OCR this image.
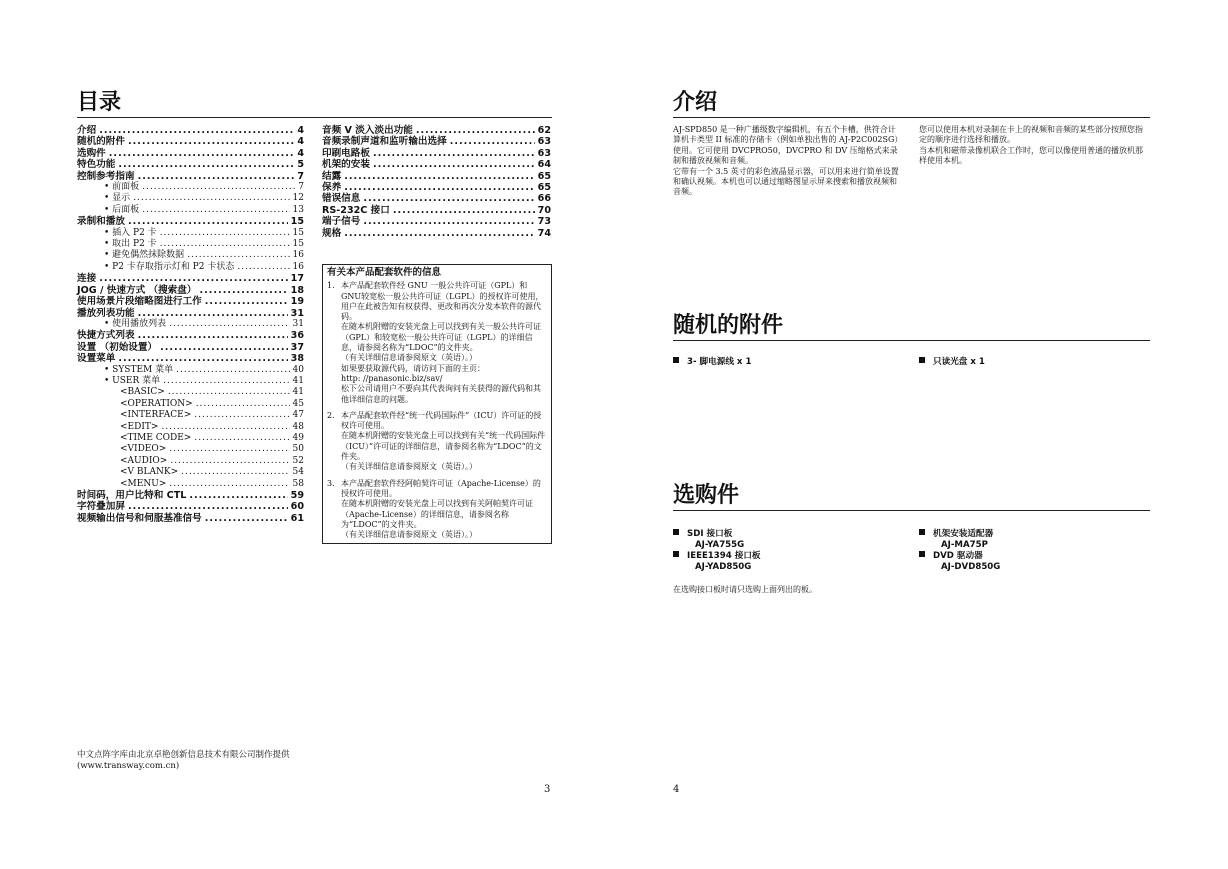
目录
介绍 .....	4
随机的附件 .....	4
选购件 .....	4
特色功能 .....	5
控制参考指南 .....	7
• 前面板 .....	7
• 显示 .....	12
• 后面板 .....	13
录制和播放 .....	15
• 插入 P2 卡 .....	15
• 取出 P2 卡 .....	15
• 避免偶然抹除数据 .....	16
• P2 卡存取指示灯和 P2 卡状态 .....	16
连接 .....	17
JOG / 快速方式 （搜索盘） .....	18
使用场景片段缩略图进行工作 .....	19
播放列表功能 .....	31
• 使用播放列表 .....	31
快捷方式列表 .....	36
设置 （初始设置） .....	37
设置菜单 .....	38
• SYSTEM 菜单 .....	40
• USER 菜单 .....	41
<BASIC> .....	41
<OPERATION> .....	45
<INTERFACE> .....	47
<EDIT> .....	48
<TIME CODE> .....	49
<VIDEO> .....	50
<AUDIO> .....	52
<V BLANK> .....	54
<MENU> .....	58
时间码，用户比特和 CTL .....	59
字符叠加屏 .....	60
视频输出信号和伺服基准信号 .....	61
音频 V 淡入淡出功能 .....	62
音频录制声道和监听输出选择 .....	63
印刷电路板 .....	63
机架的安装 .....	64
结露 .....	65
保养 .....	65
错误信息 .....	66
RS-232C 接口 .....	70
端子信号 .....	73
规格 .....	74
有关本产品配套软件的信息
1. 本产品配套软件经 GNU 一般公共许可证（GPL）和 GNU较宽松一般公共许可证（LGPL）的授权许可使用，用户在此被告知有权获得、更改和再次分发本软件的源代码。
在随本机附赠的安装光盘上可以找到有关一般公共许可证（GPL）和较宽松一般公共许可证（LGPL）的详细信息，请参阅名称为“LDOC”的文件夹。
（有关详细信息请参阅原文（英语）。）
如果要获取源代码，请访问下面的主页：
http: //panasonic.biz/sav/
松下公司请用户不要向其代表询问有关获得的源代码和其他详细信息的问题。
2. 本产品配套软件经“统一代码国际件”（ICU）许可证的授权许可使用。
在随本机附赠的安装光盘上可以找到有关“统一代码国际件（ICU）”许可证的详细信息，请参阅名称为“LDOC”的文件夹。
（有关详细信息请参阅原文（英语）。）
3. 本产品配套软件经阿帕契许可证（Apache-License）的授权许可使用。
在随本机附赠的安装光盘上可以找到有关阿帕契许可证（Apache-License）的详细信息，请参阅名称为“LDOC”的文件夹。
（有关详细信息请参阅原文（英语）。）
中文点阵字库由北京卓艳创新信息技术有限公司制作提供
(www.transway.com.cn)
3
介绍
AJ-SPD850 是一种广播级数字编辑机，有五个卡槽，供符合计算机卡类型 II 标准的存储卡（例如单独出售的 AJ-P2C002SG）使用。它可使用 DVCPRO50，DVCPRO 和 DV 压缩格式来录制和播放视频和音频。
它带有一个 3.5 英寸的彩色液晶显示器，可以用来进行简单设置和确认视频。本机也可以通过缩略图显示屏来搜索和播放视频和音频。
您可以使用本机对录制在卡上的视频和音频的某些部分按照您指定的顺序进行选择和播放。
当本机和磁带录像机联合工作时，您可以像使用普通的播放机那样使用本机。
随机的附件
3- 脚电源线 x 1	只读光盘 x 1
选购件
SDI 接口板
AJ-YA755G
机架安装适配器
AJ-MA75P
IEEE1394 接口板
AJ-YAD850G
DVD 驱动器
AJ-DVD850G
在选购接口板时请只选购上面列出的板。
4
